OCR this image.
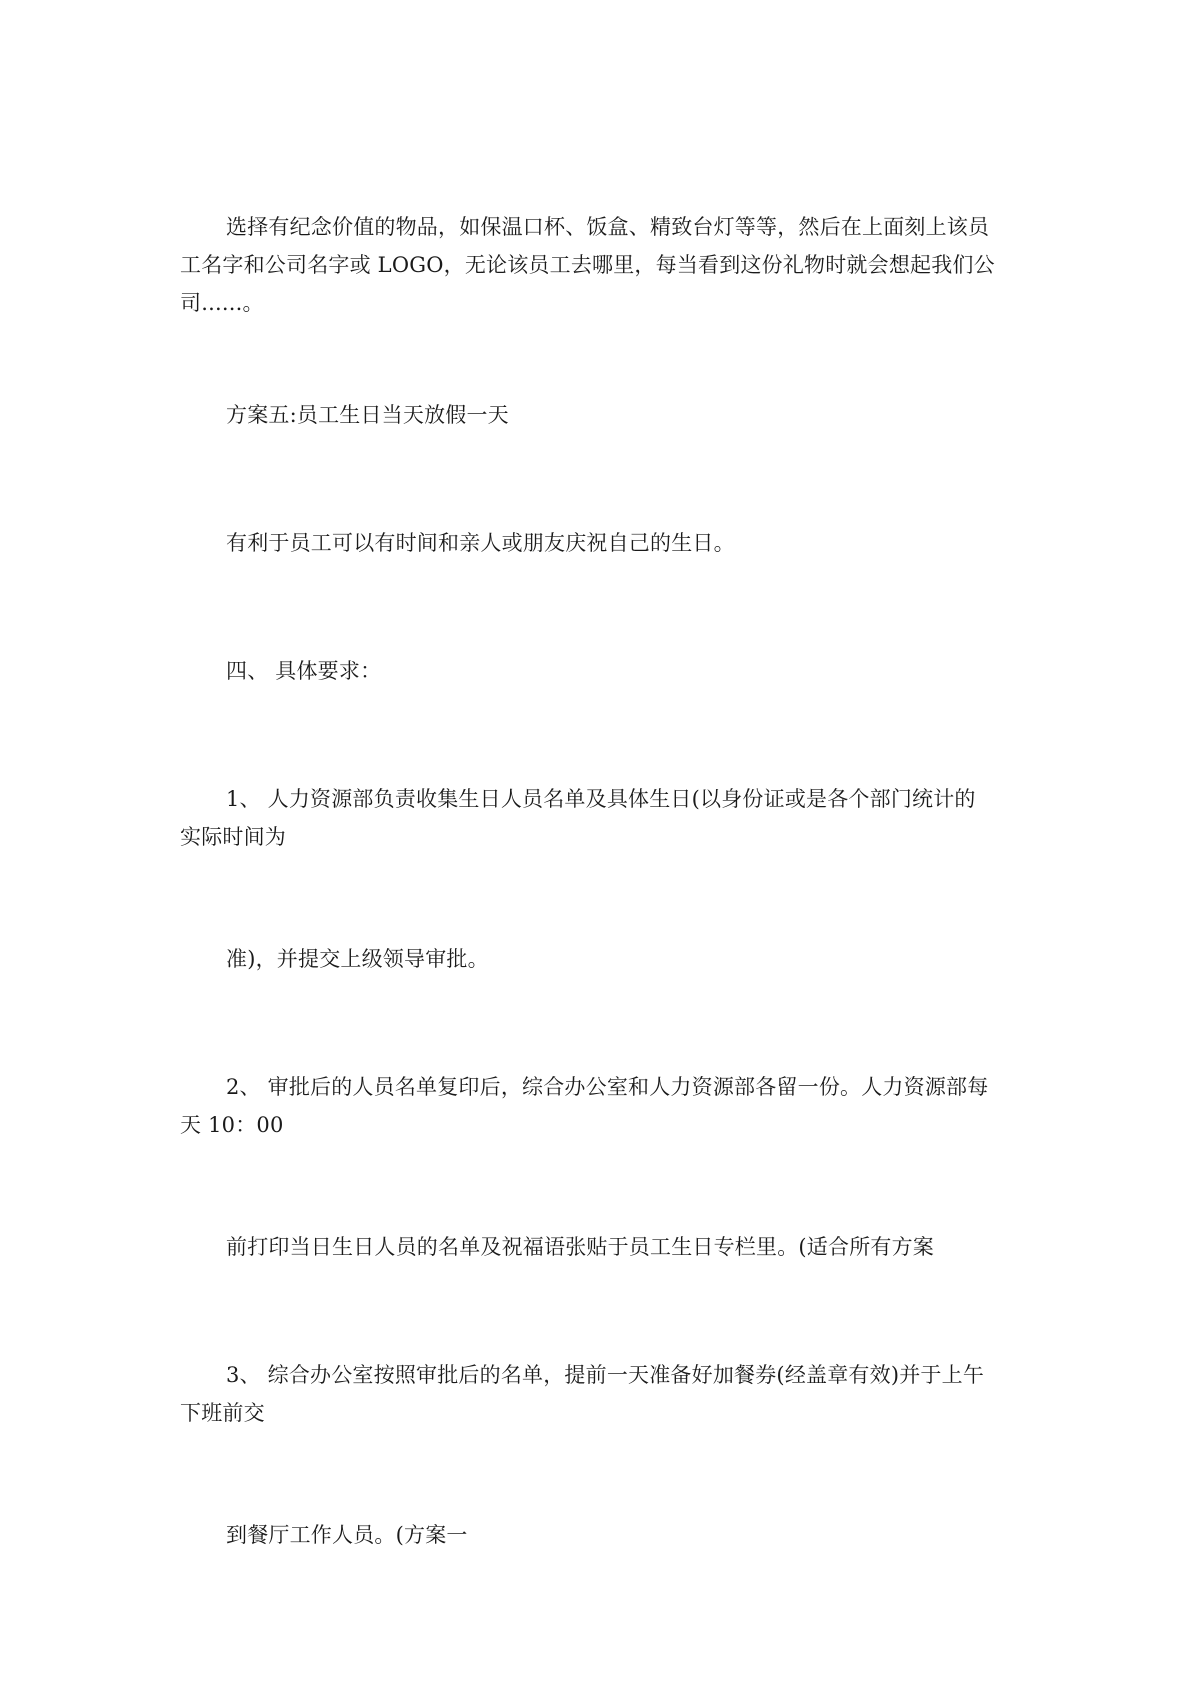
选择有纪念价值的物品，如保温口杯、饭盒、精致台灯等等，然后在上面刻上该员
工名字和公司名字或 LOGO，无论该员工去哪里，每当看到这份礼物时就会想起我们公
司......。

方案五:员工生日当天放假一天

有利于员工可以有时间和亲人或朋友庆祝自己的生日。

四、 具体要求：

1、 人力资源部负责收集生日人员名单及具体生日(以身份证或是各个部门统计的
实际时间为

准)，并提交上级领导审批。

2、 审批后的人员名单复印后，综合办公室和人力资源部各留一份。人力资源部每
天 10：00

前打印当日生日人员的名单及祝福语张贴于员工生日专栏里。(适合所有方案

3、 综合办公室按照审批后的名单，提前一天准备好加餐券(经盖章有效)并于上午
下班前交

到餐厅工作人员。(方案一
